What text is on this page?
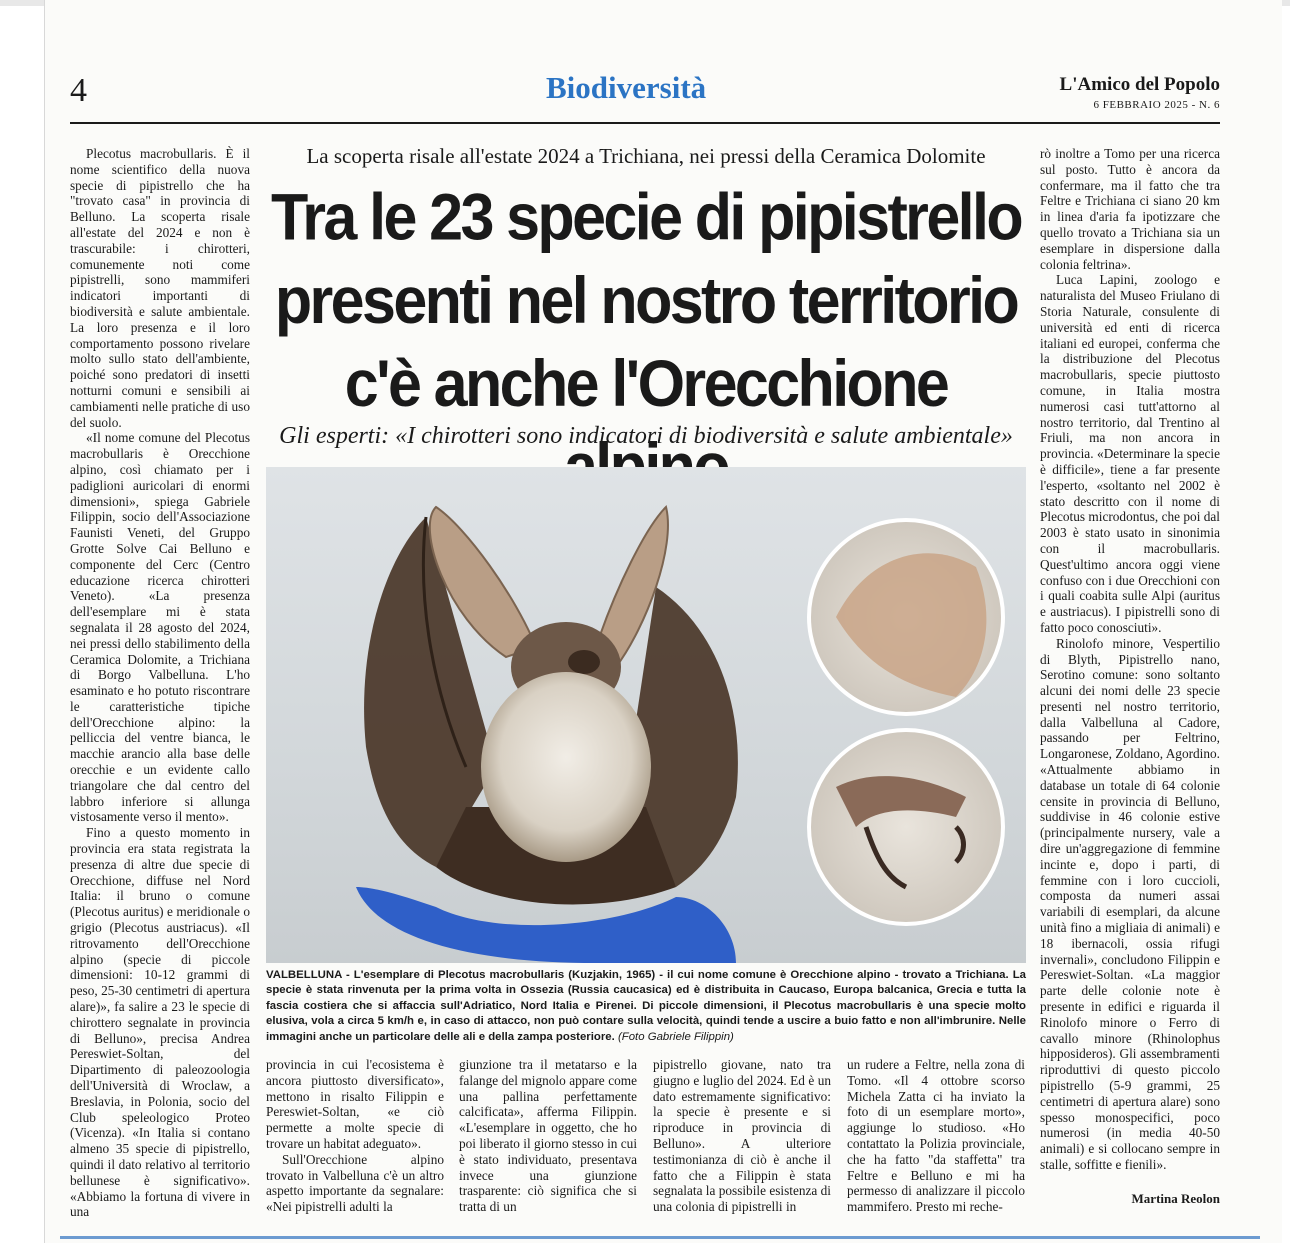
4	Biodiversità	L'Amico del Popolo
6 FEBBRAIO 2025 - N. 6

Plecotus macrobullaris. È il nome scientifico della nuova specie di pipistrello che ha "trovato casa" in provincia di Belluno. La scoperta risale all'estate del 2024 e non è trascurabile: i chirotteri, comunemente noti come pipistrelli, sono mammiferi indicatori importanti di biodiversità e salute ambientale. La loro presenza e il loro comportamento possono rivelare molto sullo stato dell'ambiente, poiché sono predatori di insetti notturni comuni e sensibili ai cambiamenti nelle pratiche di uso del suolo.

«Il nome comune del Plecotus macrobullaris è Orecchione alpino, così chiamato per i padiglioni auricolari di enormi dimensioni», spiega Gabriele Filippin, socio dell'Associazione Faunisti Veneti, del Gruppo Grotte Solve Cai Belluno e componente del Cerc (Centro educazione ricerca chirotteri Veneto). «La presenza dell'esemplare mi è stata segnalata il 28 agosto del 2024, nei pressi dello stabilimento della Ceramica Dolomite, a Trichiana di Borgo Valbelluna. L'ho esaminato e ho potuto riscontrare le caratteristiche tipiche dell'Orecchione alpino: la pelliccia del ventre bianca, le macchie arancio alla base delle orecchie e un evidente callo triangolare che dal centro del labbro inferiore si allunga vistosamente verso il mento».

Fino a questo momento in provincia era stata registrata la presenza di altre due specie di Orecchione, diffuse nel Nord Italia: il bruno o comune (Plecotus auritus) e meridionale o grigio (Plecotus austriacus). «Il ritrovamento dell'Orecchione alpino (specie di piccole dimensioni: 10-12 grammi di peso, 25-30 centimetri di apertura alare)», fa salire a 23 le specie di chirottero segnalate in provincia di Belluno», precisa Andrea Pereswiet-Soltan, del Dipartimento di paleozoologia dell'Università di Wroclaw, a Breslavia, in Polonia, socio del Club speleologico Proteo (Vicenza). «In Italia si contano almeno 35 specie di pipistrello, quindi il dato relativo al territorio bellunese è significativo». «Abbiamo la fortuna di vivere in una

La scoperta risale all'estate 2024 a Trichiana, nei pressi della Ceramica Dolomite
Tra le 23 specie di pipistrello
presenti nel nostro territorio
c'è anche l'Orecchione
Gli esperti: «I chirotteri sono indicatori di biodiversità e salute ambientale»
VALBELLUNA - L'esemplare di Plecotus macrobullaris (Kuzjakin, 1965) - il cui nome comune è Orecchione alpino - trovato a Trichiana. La specie è stata rinvenuta per la prima volta in Ossezia (Russia caucasica) ed è distribuita in Caucaso, Europa balcanica, Grecia e tutta la fascia costiera che si affaccia sull'Adriatico, Nord Italia e Pirenei. Di piccole dimensioni, il Plecotus macrobullaris è una specie molto elusiva, vola a circa 5 km/h e, in caso di attacco, non può contare sulla velocità, quindi tende a uscire a buio fatto e non all'imbrunire. Nelle immagini anche un particolare delle ali e della zampa posteriore. (Foto Gabriele Filippin)

provincia in cui l'ecosistema è ancora piuttosto diversificato», mettono in risalto Filippin e Pereswiet-Soltan, «e ciò permette a molte specie di trovare un habitat adeguato».

Sull'Orecchione alpino trovato in Valbelluna c'è un altro aspetto importante da segnalare: «Nei pipistrelli adulti la

giunzione tra il metatarso e la falange del mignolo appare come una pallina perfettamente calcificata», afferma Filippin. «L'esemplare in oggetto, che ho poi liberato il giorno stesso in cui è stato individuato, presentava invece una giunzione trasparente: ciò significa che si tratta di un

pipistrello giovane, nato tra giugno e luglio del 2024. Ed è un dato estremamente significativo: la specie è presente e si riproduce in provincia di Belluno». A ulteriore testimonianza di ciò è anche il fatto che a Filippin è stata segnalata la possibile esistenza di una colonia di pipistrelli in

un rudere a Feltre, nella zona di Tomo. «Il 4 ottobre scorso Michela Zatta ci ha inviato la foto di un esemplare morto», aggiunge lo studioso. «Ho contattato la Polizia provinciale, che ha fatto "da staffetta" tra Feltre e Belluno e mi ha permesso di analizzare il piccolo mammifero. Presto mi reche-

rò inoltre a Tomo per una ricerca sul posto. Tutto è ancora da confermare, ma il fatto che tra Feltre e Trichiana ci siano 20 km in linea d'aria fa ipotizzare che quello trovato a Trichiana sia un esemplare in dispersione dalla colonia feltrina».

Luca Lapini, zoologo e naturalista del Museo Friulano di Storia Naturale, consulente di università ed enti di ricerca italiani ed europei, conferma che la distribuzione del Plecotus macrobullaris, specie piuttosto comune, in Italia mostra numerosi casi tutt'attorno al nostro territorio, dal Trentino al Friuli, ma non ancora in provincia. «Determinare la specie è difficile», tiene a far presente l'esperto, «soltanto nel 2002 è stato descritto con il nome di Plecotus microdontus, che poi dal 2003 è stato usato in sinonimia con il macrobullaris. Quest'ultimo ancora oggi viene confuso con i due Orecchioni con i quali coabita sulle Alpi (auritus e austriacus). I pipistrelli sono di fatto poco conosciuti».

Rinolofo minore, Vespertilio di Blyth, Pipistrello nano, Serotino comune: sono soltanto alcuni dei nomi delle 23 specie presenti nel nostro territorio, dalla Valbelluna al Cadore, passando per Feltrino, Longaronese, Zoldano, Agordino. «Attualmente abbiamo in database un totale di 64 colonie censite in provincia di Belluno, suddivise in 46 colonie estive (principalmente nursery, vale a dire un'aggregazione di femmine incinte e, dopo i parti, di femmine con i loro cuccioli, composta da numeri assai variabili di esemplari, da alcune unità fino a migliaia di animali) e 18 ibernacoli, ossia rifugi invernali», concludono Filippin e Pereswiet-Soltan. «La maggior parte delle colonie note è presente in edifici e riguarda il Rinolofo minore o Ferro di cavallo minore (Rhinolophus hipposideros). Gli assembramenti riproduttivi di questo piccolo pipistrello (5-9 grammi, 25 centimetri di apertura alare) sono spesso monospecifici, poco numerosi (in media 40-50 animali) e si collocano sempre in stalle, soffitte e fienili».

Martina Reolon
